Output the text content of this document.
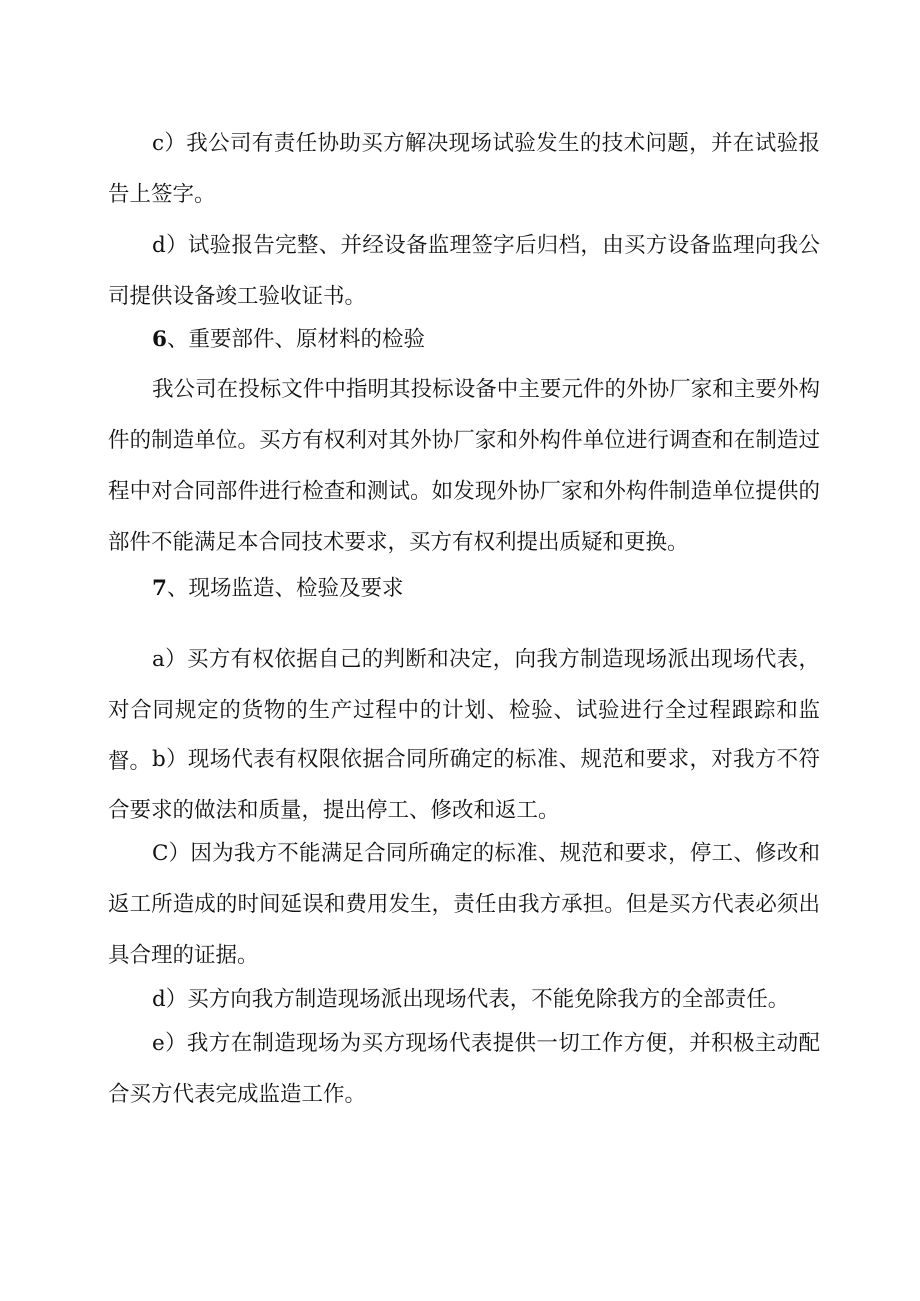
c）我公司有责任协助买方解决现场试验发生的技术问题，并在试验报告上签字。

d）试验报告完整、并经设备监理签字后归档，由买方设备监理向我公司提供设备竣工验收证书。

6、重要部件、原材料的检验

我公司在投标文件中指明其投标设备中主要元件的外协厂家和主要外构件的制造单位。买方有权利对其外协厂家和外构件单位进行调查和在制造过程中对合同部件进行检查和测试。如发现外协厂家和外构件制造单位提供的部件不能满足本合同技术要求，买方有权利提出质疑和更换。

7、现场监造、检验及要求

a）买方有权依据自己的判断和决定，向我方制造现场派出现场代表，对合同规定的货物的生产过程中的计划、检验、试验进行全过程跟踪和监督。 b）现场代表有权限依据合同所确定的标准、规范和要求，对我方不符合要求的做法和质量，提出停工、修改和返工。

C）因为我方不能满足合同所确定的标准、规范和要求，停工、修改和返工所造成的时间延误和费用发生，责任由我方承担。但是买方代表必须出具合理的证据。

d）买方向我方制造现场派出现场代表，不能免除我方的全部责任。

e）我方在制造现场为买方现场代表提供一切工作方便，并积极主动配合买方代表完成监造工作。
